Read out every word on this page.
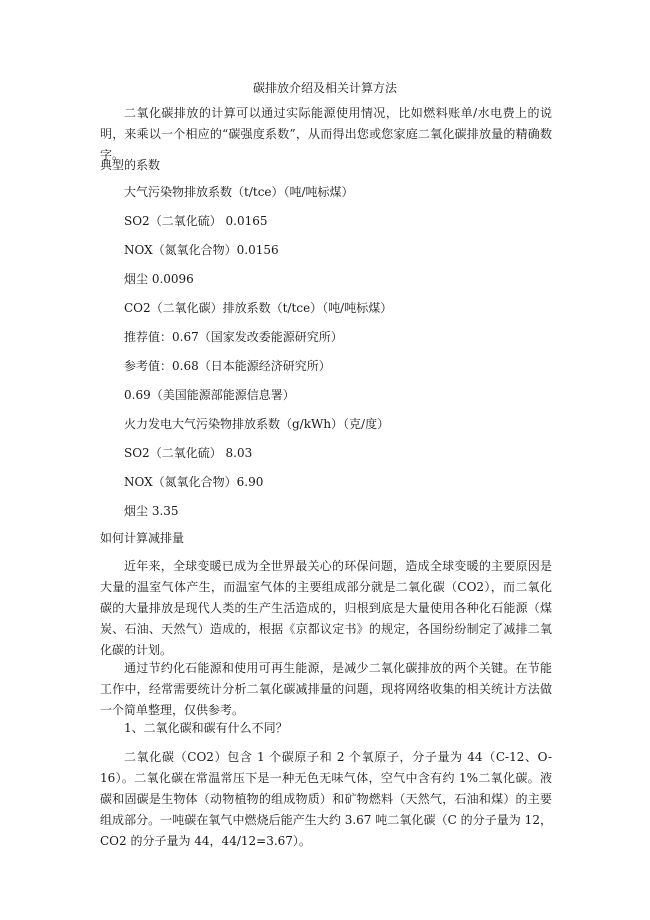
碳排放介绍及相关计算方法

二氧化碳排放的计算可以通过实际能源使用情况，比如燃料账单/水电费上的说明，来乘以一个相应的“碳强度系数”，从而得出您或您家庭二氧化碳排放量的精确数字。

典型的系数

大气污染物排放系数（t/tce）（吨/吨标煤）

SO2（二氧化硫） 0.0165

NOX（氮氧化合物）0.0156

烟尘 0.0096

CO2（二氧化碳）排放系数（t/tce）（吨/吨标煤）

推荐值：0.67（国家发改委能源研究所）

参考值：0.68（日本能源经济研究所）

0.69（美国能源部能源信息署）

火力发电大气污染物排放系数（g/kWh）（克/度）

SO2（二氧化硫） 8.03

NOX（氮氧化合物）6.90

烟尘 3.35

如何计算减排量

近年来，全球变暖已成为全世界最关心的环保问题，造成全球变暖的主要原因是大量的温室气体产生，而温室气体的主要组成部分就是二氧化碳（CO2），而二氧化碳的大量排放是现代人类的生产生活造成的，归根到底是大量使用各种化石能源（煤炭、石油、天然气）造成的，根据《京都议定书》的规定，各国纷纷制定了减排二氧化碳的计划。

通过节约化石能源和使用可再生能源，是减少二氧化碳排放的两个关键。在节能工作中，经常需要统计分析二氧化碳减排量的问题，现将网络收集的相关统计方法做一个简单整理，仅供参考。

1、二氧化碳和碳有什么不同？

二氧化碳（CO2）包含 1 个碳原子和 2 个氧原子，分子量为 44（C-12、O-16）。二氧化碳在常温常压下是一种无色无味气体，空气中含有约 1%二氧化碳。液碳和固碳是生物体（动物植物的组成物质）和矿物燃料（天然气，石油和煤）的主要组成部分。一吨碳在氧气中燃烧后能产生大约 3.67 吨二氧化碳（C 的分子量为 12，CO2 的分子量为 44，44/12=3.67）。
